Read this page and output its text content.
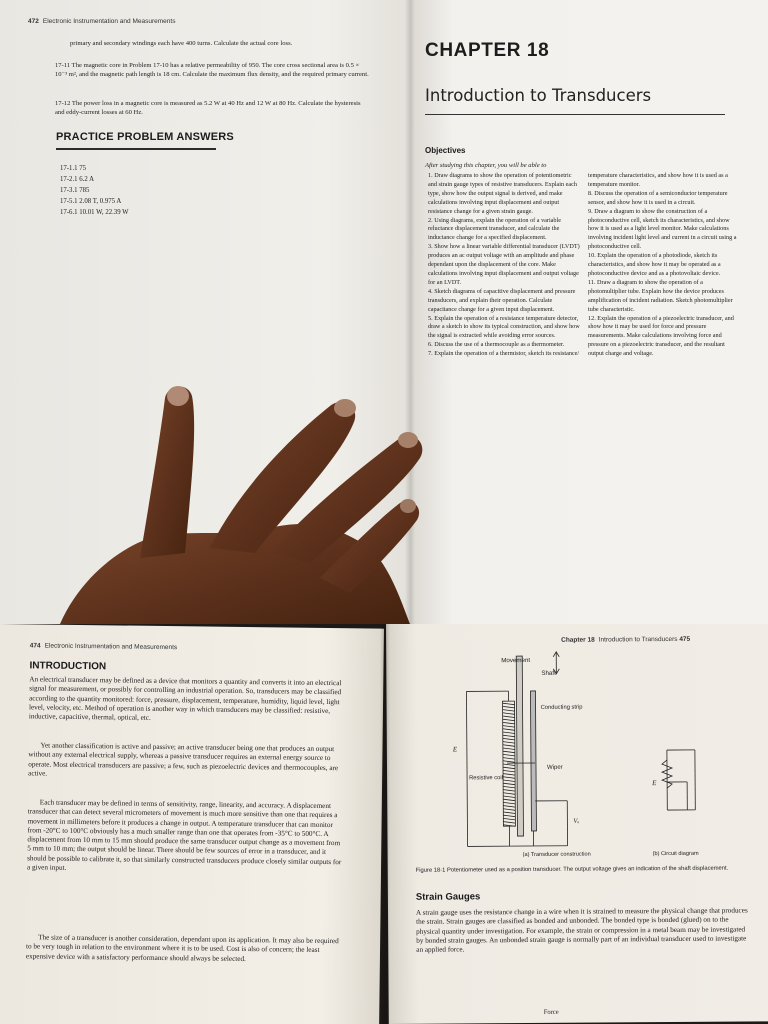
472 Electronic Instrumentation and Measurements
primary and secondary windings each have 400 turns. Calculate the actual core loss.
17-11 The magnetic core in Problem 17-10 has a relative permeability of 950. The core cross sectional area is 0.5 × 10⁻³ m², and the magnetic path length is 18 cm. Calculate the maximum flux density, and the required primary current.
17-12 The power loss in a magnetic core is measured as 5.2 W at 40 Hz and 12 W at 80 Hz. Calculate the hysteresis and eddy-current losses at 60 Hz.
PRACTICE PROBLEM ANSWERS
17-1.1 75
17-2.1 6.2 A
17-3.1 785
17-5.1 2.08 T, 0.975 A
17-6.1 10.01 W, 22.39 W
CHAPTER 18
Introduction to Transducers
Objectives
After studying this chapter, you will be able to
1. Draw diagrams to show the operation of potentiometric and strain gauge types of resistive transducers. Explain each type, show how the output signal is derived, and make calculations involving input displacement and output resistance change for a given strain gauge.
2. Using diagrams, explain the operation of a variable reluctance displacement transducer, and calculate the inductance change for a specified displacement.
3. Show how a linear variable differential transducer (LVDT) produces an ac output voltage with an amplitude and phase dependant upon the displacement of the core. Make calculations involving input displacement and output voltage for an LVDT.
4. Sketch diagrams of capacitive displacement and pressure transducers, and explain their operation. Calculate capacitance change for a given input displacement.
5. Explain the operation of a resistance temperature detector, draw a sketch to show its typical construction, and show how the signal is extracted while avoiding error sources.
6. Discuss the use of a thermocouple as a thermometer.
7. Explain the operation of a thermistor, sketch its resistance/
temperature characteristics, and show how it is used as a temperature monitor.
8. Discuss the operation of a semiconductor temperature sensor, and show how it is used in a circuit.
9. Draw a diagram to show the construction of a photoconductive cell, sketch its characteristics, and show how it is used as a light level monitor. Make calculations involving incident light level and current in a circuit using a photoconductive cell.
10. Explain the operation of a photodiode, sketch its characteristics, and show how it may be operated as a photoconductive device and as a photovoltaic device.
11. Draw a diagram to show the operation of a photomultiplier tube. Explain how the device produces amplification of incident radiation. Sketch photomultiplier tube characteristic.
12. Explain the operation of a piezoelectric transducer, and show how it may be used for force and pressure measurements. Make calculations involving force and pressure on a piezoelectric transducer, and the resultant output charge and voltage.
474 Electronic Instrumentation and Measurements
INTRODUCTION
An electrical transducer may be defined as a device that monitors a quantity and converts it into an electrical signal for measurement, or possibly for controlling an industrial operation. So, transducers may be classified according to the quantity monitored: force, pressure, displacement, temperature, humidity, liquid level, light level, velocity, etc. Method of operation is another way in which transducers may be classified: resistive, inductive, capacitive, thermal, optical, etc.
Yet another classification is active and passive; an active transducer being one that produces an output without any external electrical supply, whereas a passive transducer requires an external energy source to operate. Most electrical transducers are passive; a few, such as piezoelectric devices and thermocouples, are active.
Each transducer may be defined in terms of sensitivity, range, linearity, and accuracy. A displacement transducer that can detect several micrometers of movement is much more sensitive than one that requires a movement in millimeters before it produces a change in output. A temperature transducer that can monitor from -20°C to 100°C obviously has a much smaller range than one that operates from -35°C to 500°C. A displacement from 10 mm to 15 mm should produce the same transducer output change as a movement from 5 mm to 10 mm; the output should be linear. There should be few sources of error in a transducer, and it should be possible to calibrate it, so that similarly constructed transducers produce closely similar outputs for a given input.
The size of a transducer is another consideration, dependant upon its application. It may also be required to be very tough in relation to the environment where it is to be used. Cost is also of concern; the least expensive device with a satisfactory performance should always be selected.
Chapter 18 Introduction to Transducers 475
Movement
Shaft
Conducting strip
Resistive coil
Wiper
E
Vₒ
E
(a) Transducer construction	(b) Circuit diagram
Figure 18-1 Potentiometer used as a position transducer. The output voltage gives an indication of the shaft displacement.
Strain Gauges
A strain gauge uses the resistance change in a wire when it is strained to measure the physical change that produces the strain. Strain gauges are classified as bonded and unbonded. The bonded type is bonded (glued) on to the physical quantity under investigation. For example, the strain or compression in a metal beam may be investigated by bonded strain gauges. An unbonded strain gauge is normally part of an individual transducer used to investigate an applied force.
Force
